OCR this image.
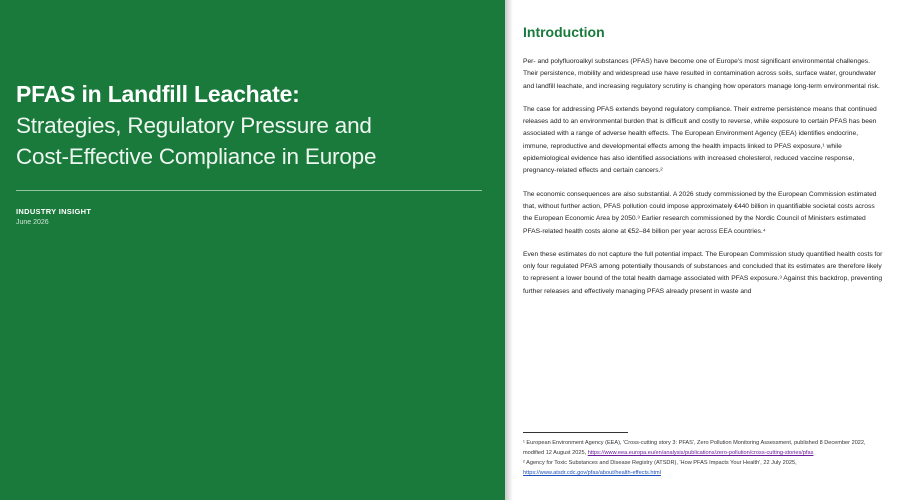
PFAS in Landfill Leachate:
Strategies, Regulatory Pressure and
Cost-Effective Compliance in Europe
INDUSTRY INSIGHT
June 2026
Introduction

Per- and polyfluoroalkyl substances (PFAS) have become one of Europe's most significant environmental challenges. Their persistence, mobility and widespread use have resulted in contamination across soils, surface water, groundwater and landfill leachate, and increasing regulatory scrutiny is changing how operators manage long-term environmental risk.

The case for addressing PFAS extends beyond regulatory compliance. Their extreme persistence means that continued releases add to an environmental burden that is difficult and costly to reverse, while exposure to certain PFAS has been associated with a range of adverse health effects. The European Environment Agency (EEA) identifies endocrine, immune, reproductive and developmental effects among the health impacts linked to PFAS exposure,¹ while epidemiological evidence has also identified associations with increased cholesterol, reduced vaccine response, pregnancy-related effects and certain cancers.²

The economic consequences are also substantial. A 2026 study commissioned by the European Commission estimated that, without further action, PFAS pollution could impose approximately €440 billion in quantifiable societal costs across the European Economic Area by 2050.³ Earlier research commissioned by the Nordic Council of Ministers estimated PFAS-related health costs alone at €52–84 billion per year across EEA countries.⁴

Even these estimates do not capture the full potential impact. The European Commission study quantified health costs for only four regulated PFAS among potentially thousands of substances and concluded that its estimates are therefore likely to represent a lower bound of the total health damage associated with PFAS exposure.³ Against this backdrop, preventing further releases and effectively managing PFAS already present in waste and

¹ European Environment Agency (EEA), 'Cross-cutting story 3: PFAS', Zero Pollution Monitoring Assessment, published 8 December 2022, modified 12 August 2025, https://www.eea.europa.eu/en/analysis/publications/zero-pollution/cross-cutting-stories/pfas

² Agency for Toxic Substances and Disease Registry (ATSDR), 'How PFAS Impacts Your Health', 22 July 2025, https://www.atsdr.cdc.gov/pfas/about/health-effects.html
